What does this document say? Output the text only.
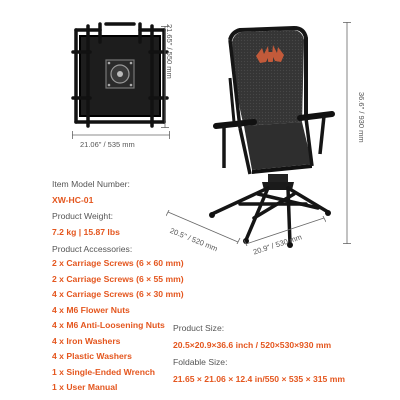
21.65" / 550 mm
21.06" / 535 mm
36.6" / 930 mm
20.5" / 520 mm	20.9" / 530 mm
Item Model Number:
XW-HC-01
Product Weight:
7.2 kg | 15.87 lbs
Product Accessories:
2 x Carriage Screws (6 × 60 mm)
2 x Carriage Screws (6 × 55 mm)
4 x Carriage Screws (6 × 30 mm)
4 x M6 Flower Nuts
4 x M6 Anti-Loosening Nuts
4 x Iron Washers
4 x Plastic Washers
1 x Single-Ended Wrench
1 x User Manual
Product Size:
20.5×20.9×36.6 inch / 520×530×930 mm
Foldable Size:
21.65 × 21.06 × 12.4 in/550 × 535 × 315 mm
